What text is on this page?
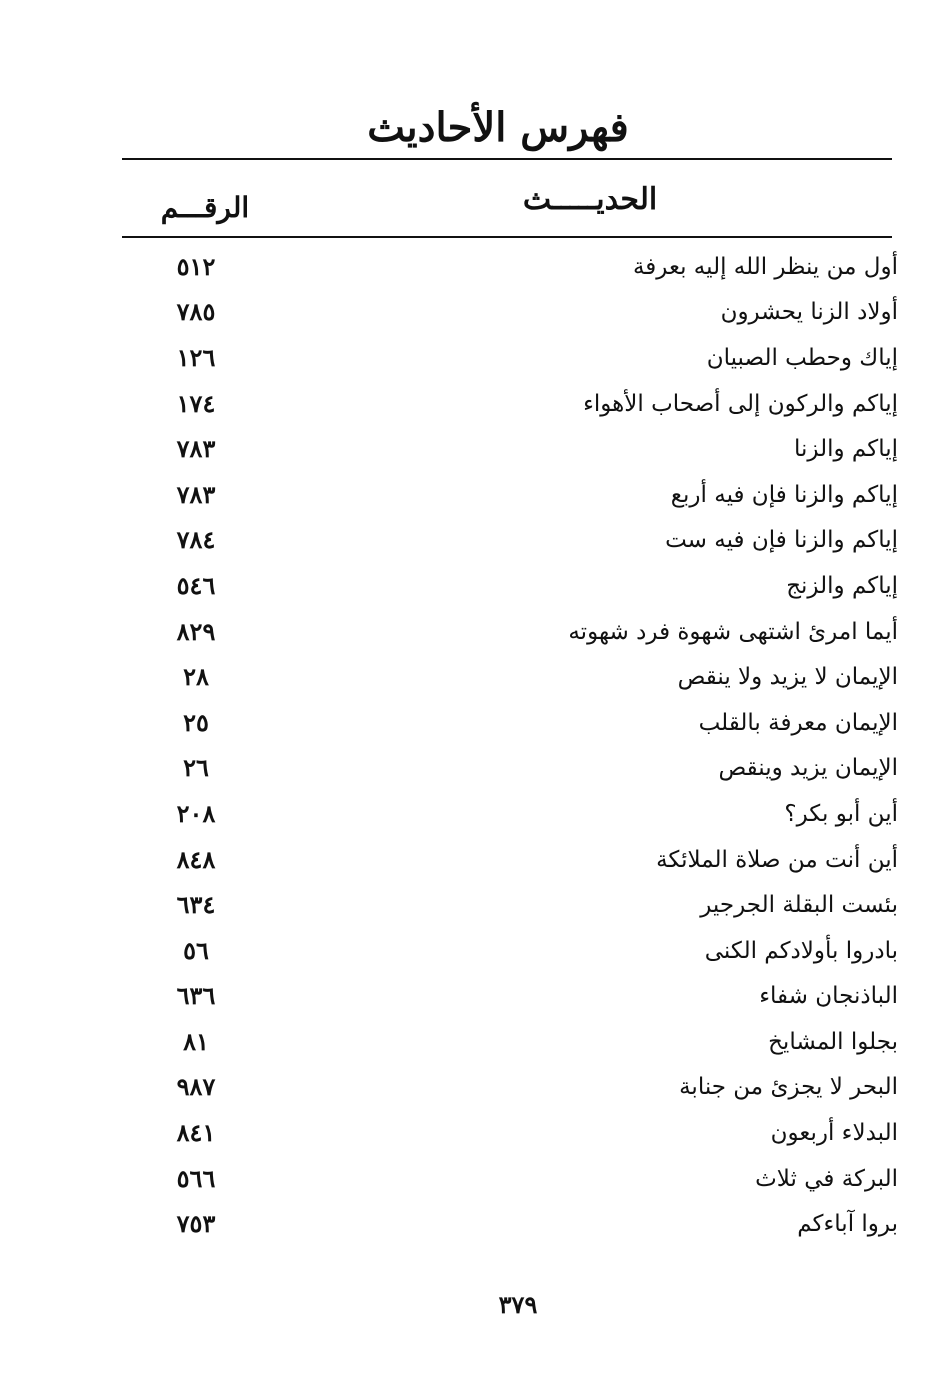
فهرس الأحاديث
الحديـــــث
الرقـــم
أول من ينظر الله إليه بعرفة
٥١٢
أولاد الزنا يحشرون
٧٨٥
إياك وحطب الصبيان
١٢٦
إياكم والركون إلى أصحاب الأهواء
١٧٤
إياكم والزنا
٧٨٣
إياكم والزنا فإن فيه أربع
٧٨٣
إياكم والزنا فإن فيه ست
٧٨٤
إياكم والزنج
٥٤٦
أيما امرئ اشتهى شهوة فرد شهوته
٨٢٩
الإيمان لا يزيد ولا ينقص
٢٨
الإيمان معرفة بالقلب
٢٥
الإيمان يزيد وينقص
٢٦
أين أبو بكر؟
٢٠٨
أين أنت من صلاة الملائكة
٨٤٨
بئست البقلة الجرجير
٦٣٤
بادروا بأولادكم الكنى
٥٦
الباذنجان شفاء
٦٣٦
بجلوا المشايخ
٨١
البحر لا يجزئ من جنابة
٩٨٧
البدلاء أربعون
٨٤١
البركة في ثلاث
٥٦٦
بروا آباءكم
٧٥٣
٣٧٩
